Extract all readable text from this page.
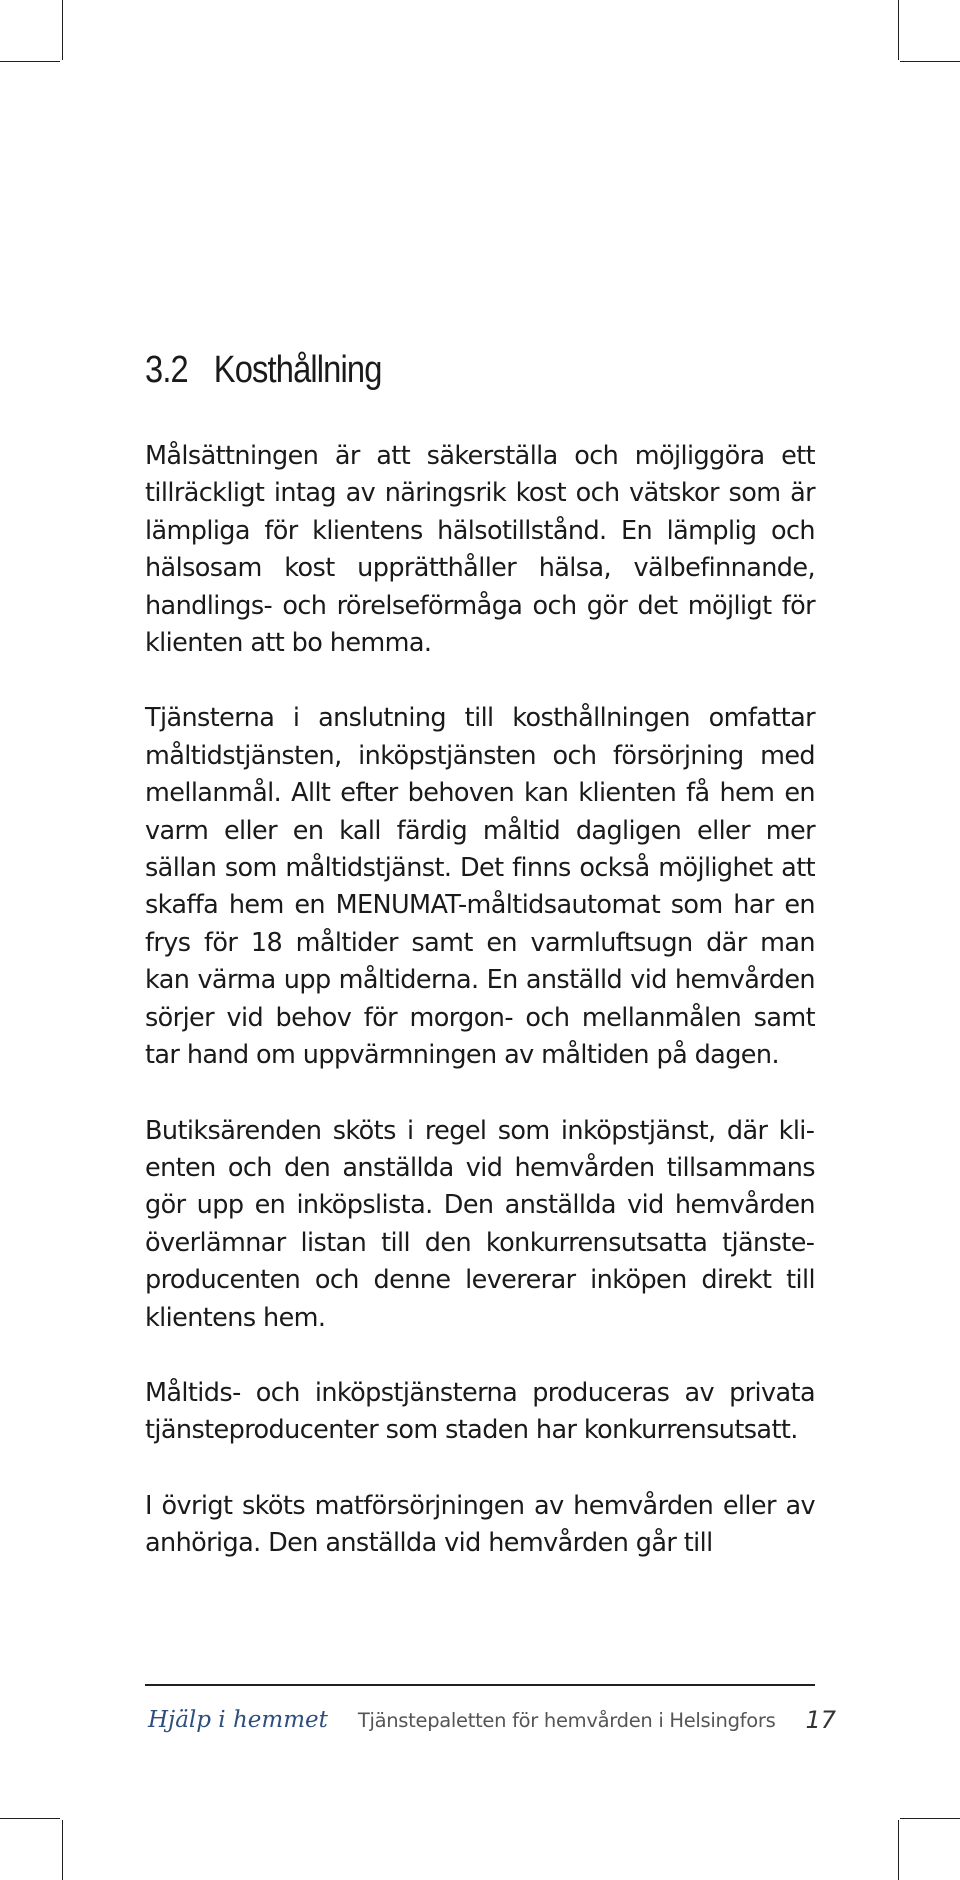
3.2 Kosthållning

Målsättningen är att säkerställa och möjliggöra ett tillräckligt intag av näringsrik kost och vätskor som är lämpliga för klientens hälsotillstånd. En lämplig och hälsosam kost upprätthåller hälsa, välbefinnande, handlings- och rörelseförmåga och gör det möjligt för klienten att bo hemma.

Tjänsterna i anslutning till kosthållningen omfattar måltidstjänsten, inköpstjänsten och försörjning med mellanmål. Allt efter behoven kan klienten få hem en varm eller en kall färdig måltid dagligen eller mer sällan som måltidstjänst. Det finns också möjlighet att skaffa hem en MENUMAT-måltidsautomat som har en frys för 18 måltider samt en varmluftsugn där man kan värma upp måltiderna. En anställd vid hemvården sörjer vid behov för morgon- och mellanmålen samt tar hand om uppvärmningen av måltiden på dagen.

Butiksärenden sköts i regel som inköpstjänst, där klienten och den anställda vid hemvården tillsammans gör upp en inköpslista. Den anställda vid hemvården överlämnar listan till den konkurrensutsatta tjänsteproducenten och denne levererar inköpen direkt till klientens hem.

Måltids- och inköpstjänsterna produceras av privata tjänsteproducenter som staden har konkurrensutsatt.

I övrigt sköts matförsörjningen av hemvården eller av anhöriga. Den anställda vid hemvården går till

Hjälp i hemmet Tjänstepaletten för hemvården i Helsingfors 17
